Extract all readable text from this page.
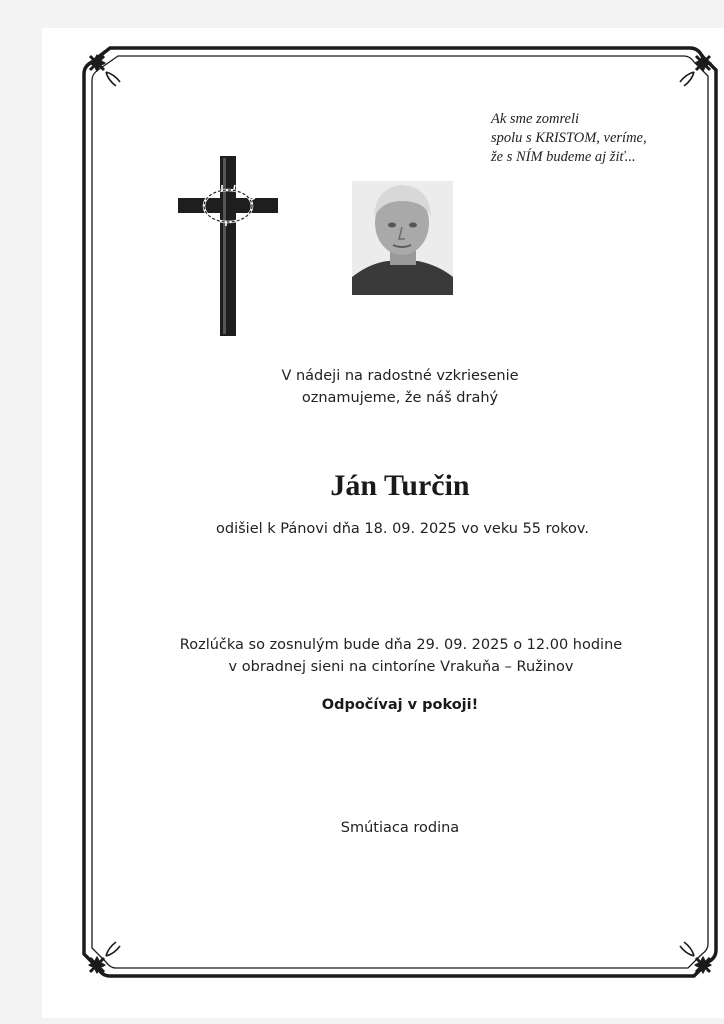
Ak sme zomreli
spolu s KRISTOM, veríme,
že s NÍM budeme aj žiť...
V nádeji na radostné vzkriesenie
oznamujeme, že náš drahý
Ján Turčin
odišiel k Pánovi dňa 18. 09. 2025 vo veku 55 rokov.
Rozlúčka so zosnulým bude dňa 29. 09. 2025 o 12.00 hodine
v obradnej sieni na cintoríne Vrakuňa – Ružinov
Odpočívaj v pokoji!
Smútiaca rodina
